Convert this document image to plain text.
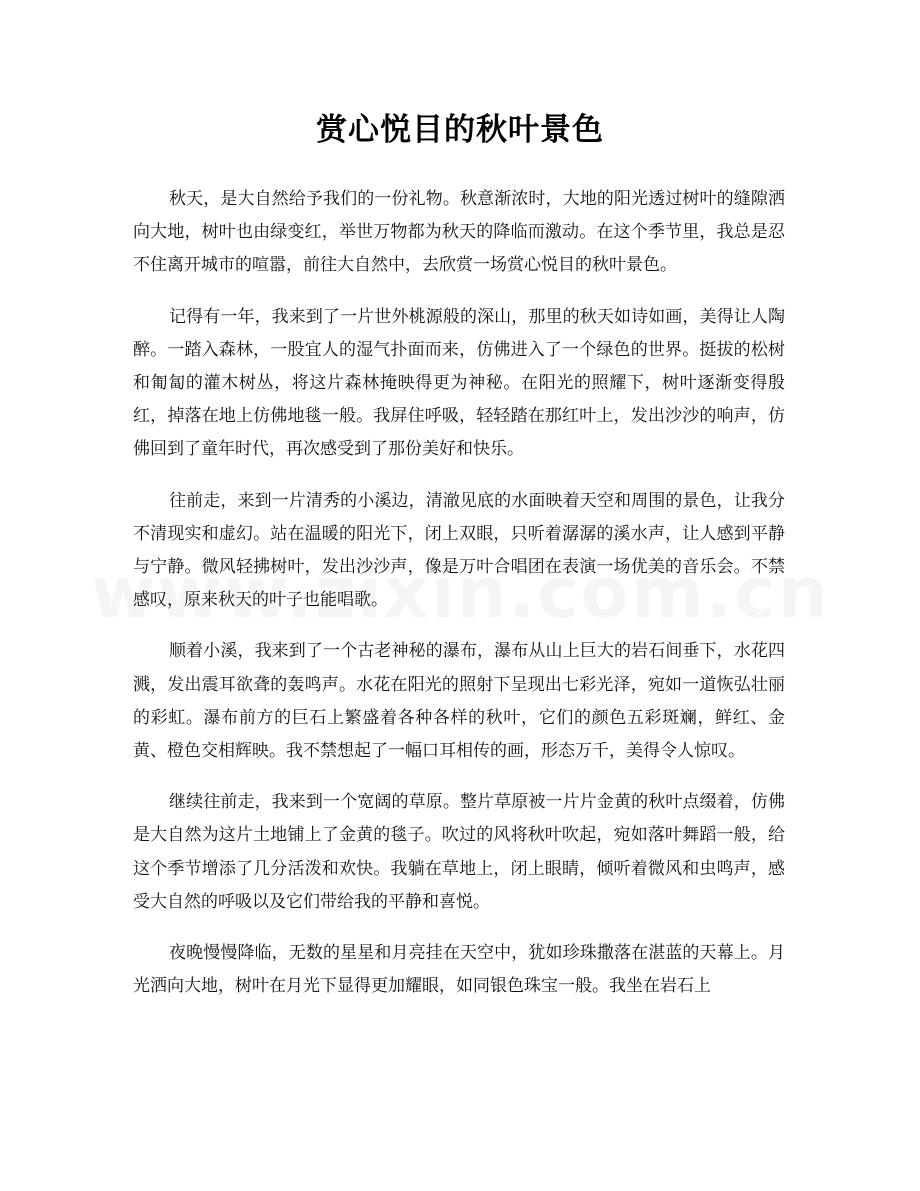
赏心悦目的秋叶景色

秋天，是大自然给予我们的一份礼物。秋意渐浓时，大地的阳光透过树叶的缝隙洒向大地，树叶也由绿变红，举世万物都为秋天的降临而激动。在这个季节里，我总是忍不住离开城市的喧嚣，前往大自然中，去欣赏一场赏心悦目的秋叶景色。

记得有一年，我来到了一片世外桃源般的深山，那里的秋天如诗如画，美得让人陶醉。一踏入森林，一股宜人的湿气扑面而来，仿佛进入了一个绿色的世界。挺拔的松树和匍匐的灌木树丛，将这片森林掩映得更为神秘。在阳光的照耀下，树叶逐渐变得殷红，掉落在地上仿佛地毯一般。我屏住呼吸，轻轻踏在那红叶上，发出沙沙的响声，仿佛回到了童年时代，再次感受到了那份美好和快乐。

往前走，来到一片清秀的小溪边，清澈见底的水面映着天空和周围的景色，让我分不清现实和虚幻。站在温暖的阳光下，闭上双眼，只听着潺潺的溪水声，让人感到平静与宁静。微风轻拂树叶，发出沙沙声，像是万叶合唱团在表演一场优美的音乐会。不禁感叹，原来秋天的叶子也能唱歌。

顺着小溪，我来到了一个古老神秘的瀑布，瀑布从山上巨大的岩石间垂下，水花四溅，发出震耳欲聋的轰鸣声。水花在阳光的照射下呈现出七彩光泽，宛如一道恢弘壮丽的彩虹。瀑布前方的巨石上繁盛着各种各样的秋叶，它们的颜色五彩斑斓，鲜红、金黄、橙色交相辉映。我不禁想起了一幅口耳相传的画，形态万千，美得令人惊叹。

继续往前走，我来到一个宽阔的草原。整片草原被一片片金黄的秋叶点缀着，仿佛是大自然为这片土地铺上了金黄的毯子。吹过的风将秋叶吹起，宛如落叶舞蹈一般，给这个季节增添了几分活泼和欢快。我躺在草地上，闭上眼睛，倾听着微风和虫鸣声，感受大自然的呼吸以及它们带给我的平静和喜悦。

夜晚慢慢降临，无数的星星和月亮挂在天空中，犹如珍珠撒落在湛蓝的天幕上。月光洒向大地，树叶在月光下显得更加耀眼，如同银色珠宝一般。我坐在岩石上
